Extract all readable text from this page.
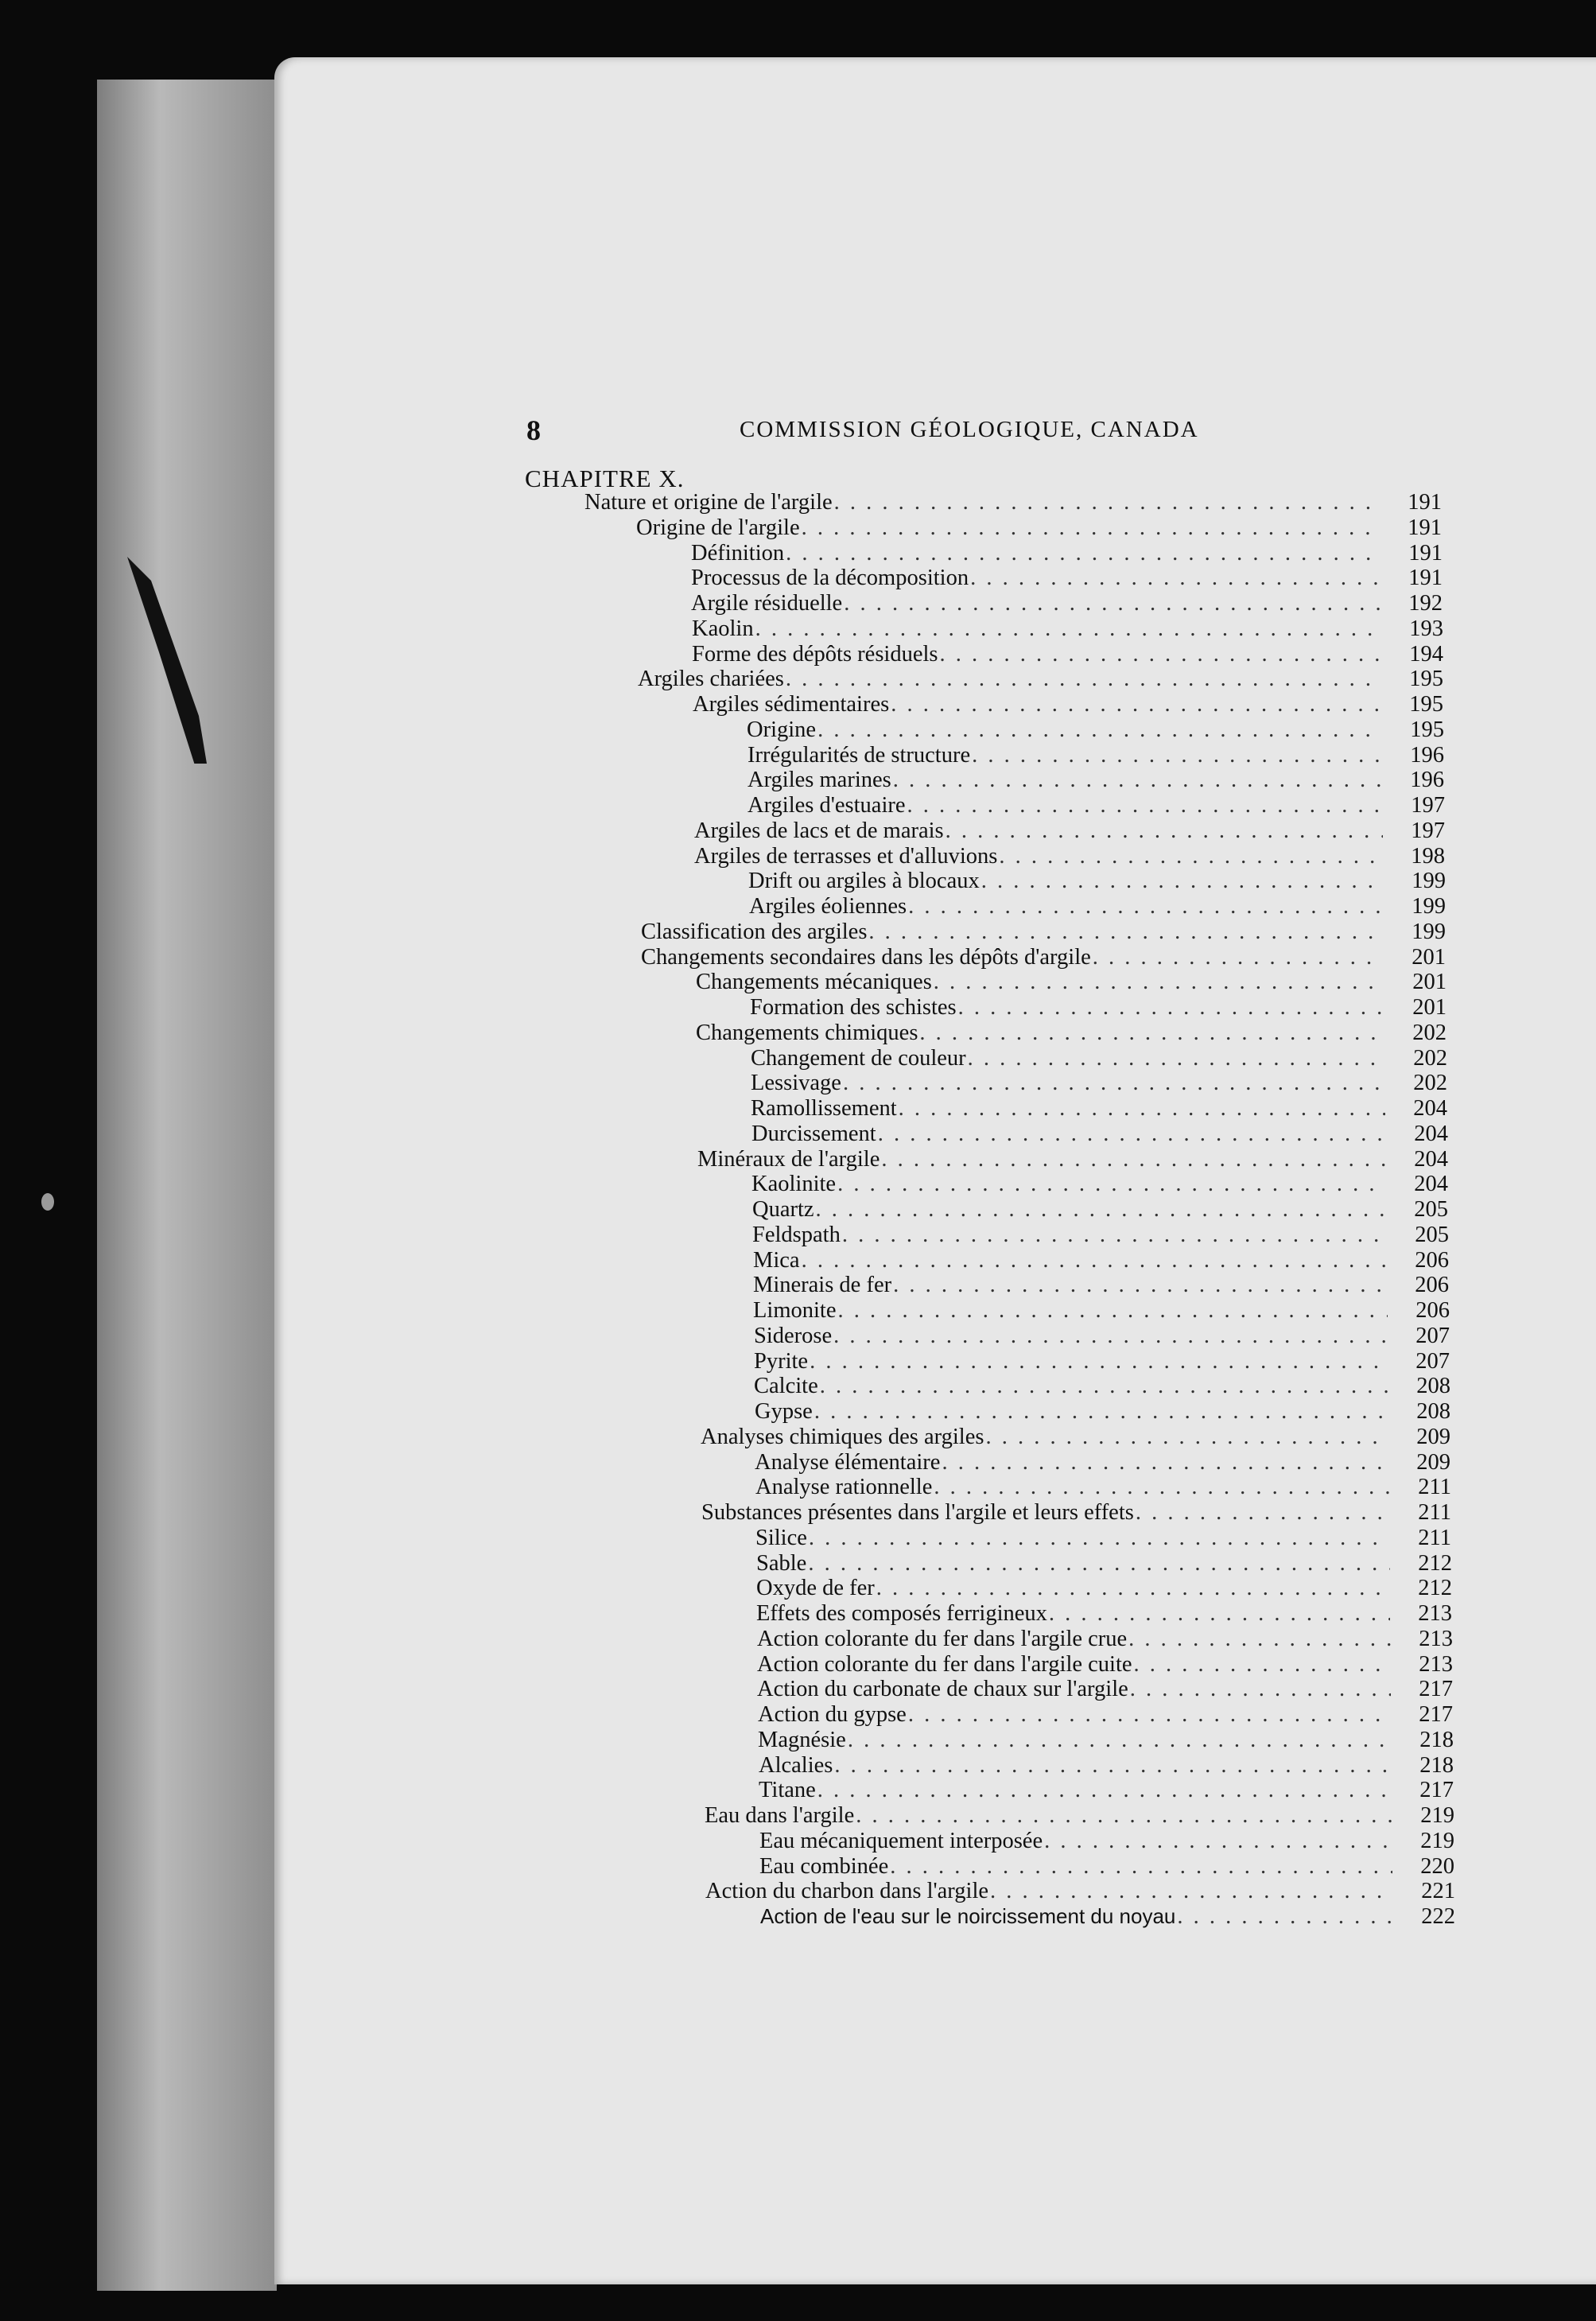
8	COMMISSION GÉOLOGIQUE, CANADA
CHAPITRE X.
Nature et origine de l'argile . . .	191
Origine de l'argile . . .	191
Définition . . .	191
Processus de la décomposition . . .	191
Argile résiduelle . . .	192
Kaolin . . .	193
Forme des dépôts résiduels . . .	194
Argiles chariées . . .	195
Argiles sédimentaires . . .	195
Origine . . .	195
Irrégularités de structure . . .	196
Argiles marines . . .	196
Argiles d'estuaire . . .	197
Argiles de lacs et de marais . . .	197
Argiles de terrasses et d'alluvions . . .	198
Drift ou argiles à blocaux . . .	199
Argiles éoliennes . . .	199
Classification des argiles . . .	199
Changements secondaires dans les dépôts d'argile . . .	201
Changements mécaniques . . .	201
Formation des schistes . . .	201
Changements chimiques . . .	202
Changement de couleur . . .	202
Lessivage . . .	202
Ramollissement . . .	204
Durcissement . . .	204
Minéraux de l'argile . . .	204
Kaolinite . . .	204
Quartz . . .	205
Feldspath . . .	205
Mica . . .	206
Minerais de fer . . .	206
Limonite . . .	206
Siderose . . .	207
Pyrite . . .	207
Calcite . . .	208
Gypse . . .	208
Analyses chimiques des argiles . . .	209
Analyse élémentaire . . .	209
Analyse rationnelle . . .	211
Substances présentes dans l'argile et leurs effets . . .	211
Silice . . .	211
Sable . . .	212
Oxyde de fer . . .	212
Effets des composés ferrigineux . . .	213
Action colorante du fer dans l'argile crue . . .	213
Action colorante du fer dans l'argile cuite . . .	213
Action du carbonate de chaux sur l'argile . . .	217
Action du gypse . . .	217
Magnésie . . .	218
Alcalies . . .	218
Titane . . .	217
Eau dans l'argile . . .	219
Eau mécaniquement interposée . . .	219
Eau combinée . . .	220
Action du charbon dans l'argile . . .	221
Action de l'eau sur le noircissement du noyau . . .	222
